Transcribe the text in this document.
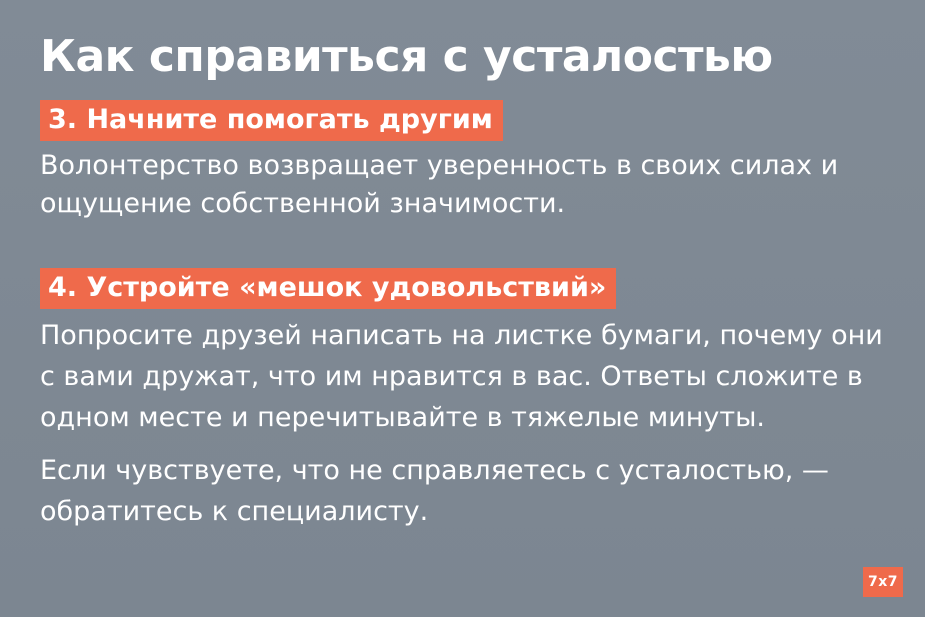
Как справиться с усталостью
3. Начните помогать другим

Волонтерство возвращает уверенность в своих силах и ощущение собственной значимости.

4. Устройте «мешок удовольствий»

Попросите друзей написать на листке бумаги, почему они с вами дружат, что им нравится в вас. Ответы сложите в одном месте и перечитывайте в тяжелые минуты.

Если чувствуете, что не справляетесь с усталостью, — обратитесь к специалисту.

7x7
